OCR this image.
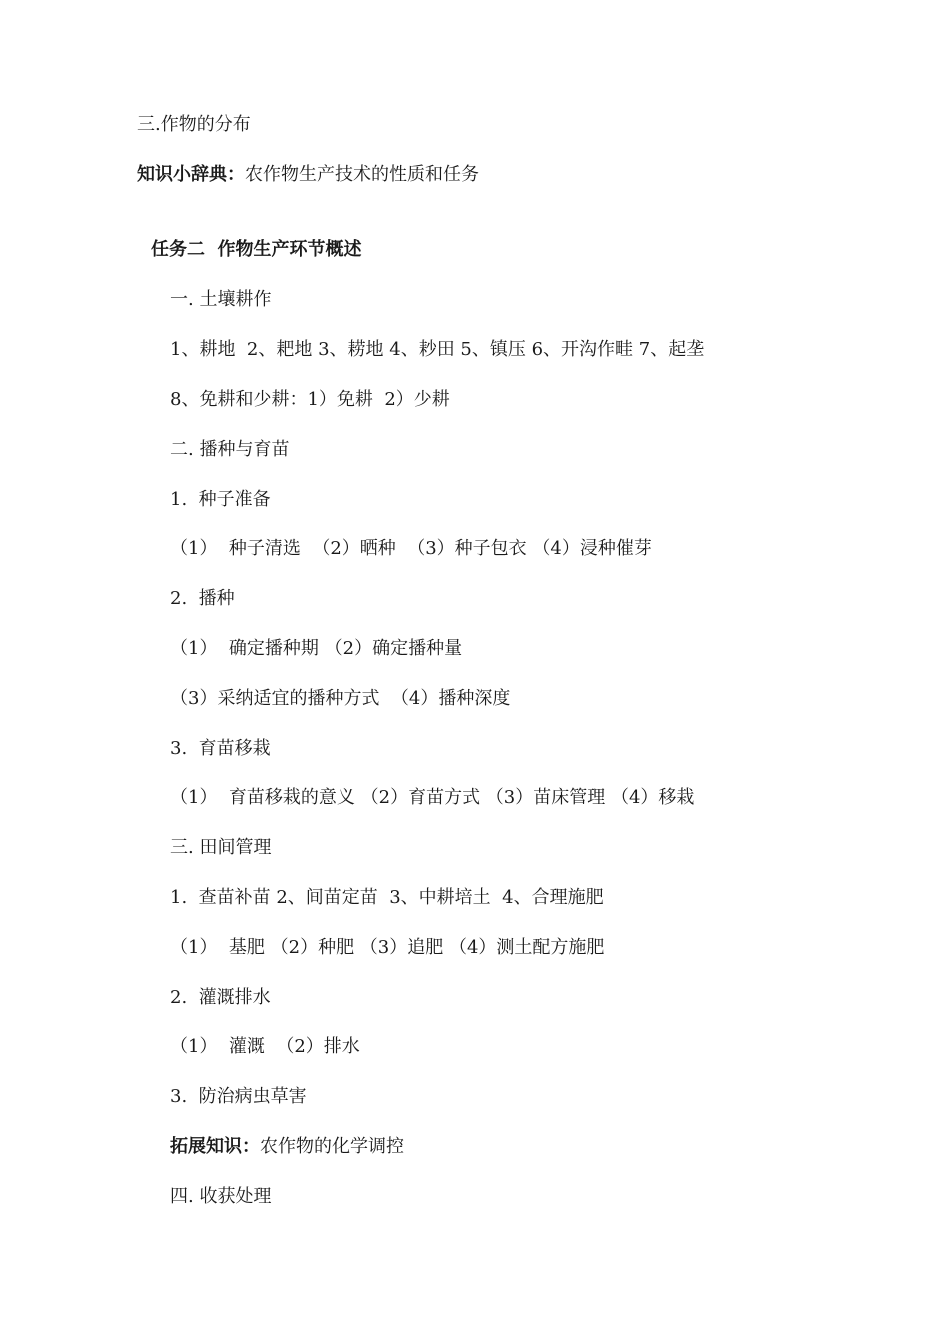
三.作物的分布
知识小辞典：农作物生产技术的性质和任务
任务二  作物生产环节概述
一. 土壤耕作
1、耕地  2、耙地 3、耢地 4、耖田 5、镇压 6、开沟作畦 7、起垄
8、免耕和少耕：1）免耕  2）少耕
二. 播种与育苗
1.  种子准备
（1）  种子清选  （2）晒种  （3）种子包衣 （4）浸种催芽
2.  播种
（1）  确定播种期 （2）确定播种量
（3）采纳适宜的播种方式  （4）播种深度
3.  育苗移栽
（1）  育苗移栽的意义 （2）育苗方式 （3）苗床管理 （4）移栽
三. 田间管理
1.  查苗补苗 2、间苗定苗  3、中耕培土  4、合理施肥
（1）  基肥 （2）种肥 （3）追肥 （4）测土配方施肥
2.  灌溉排水
（1）  灌溉  （2）排水
3.  防治病虫草害
拓展知识：农作物的化学调控
四. 收获处理
